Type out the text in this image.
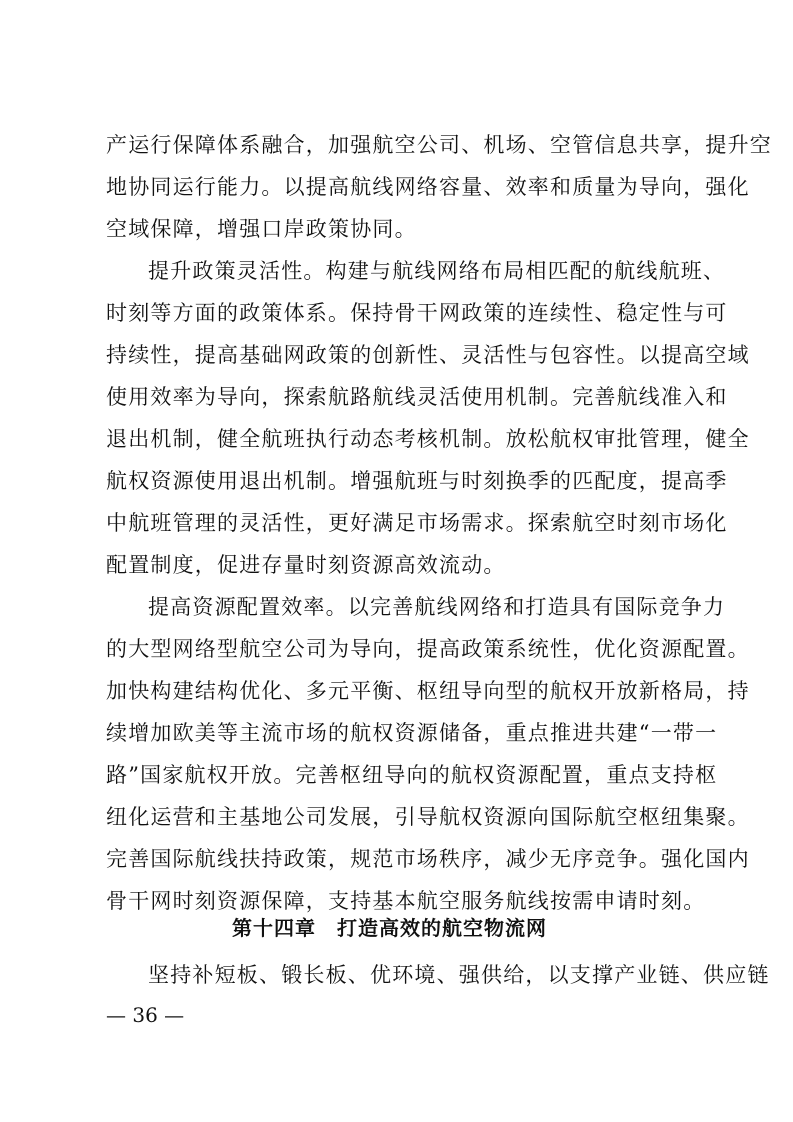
产运行保障体系融合，加强航空公司、机场、空管信息共享，提升空
地协同运行能力。以提高航线网络容量、效率和质量为导向，强化
空域保障，增强口岸政策协同。
提升政策灵活性。构建与航线网络布局相匹配的航线航班、
时刻等方面的政策体系。保持骨干网政策的连续性、稳定性与可
持续性，提高基础网政策的创新性、灵活性与包容性。以提高空域
使用效率为导向，探索航路航线灵活使用机制。完善航线准入和
退出机制，健全航班执行动态考核机制。放松航权审批管理，健全
航权资源使用退出机制。增强航班与时刻换季的匹配度，提高季
中航班管理的灵活性，更好满足市场需求。探索航空时刻市场化
配置制度，促进存量时刻资源高效流动。
提高资源配置效率。以完善航线网络和打造具有国际竞争力
的大型网络型航空公司为导向，提高政策系统性，优化资源配置。
加快构建结构优化、多元平衡、枢纽导向型的航权开放新格局，持
续增加欧美等主流市场的航权资源储备，重点推进共建“一带一
路”国家航权开放。完善枢纽导向的航权资源配置，重点支持枢
纽化运营和主基地公司发展，引导航权资源向国际航空枢纽集聚。
完善国际航线扶持政策，规范市场秩序，减少无序竞争。强化国内
骨干网时刻资源保障，支持基本航空服务航线按需申请时刻。
第十四章　打造高效的航空物流网
坚持补短板、锻长板、优环境、强供给，以支撑产业链、供应链
— 36 —
